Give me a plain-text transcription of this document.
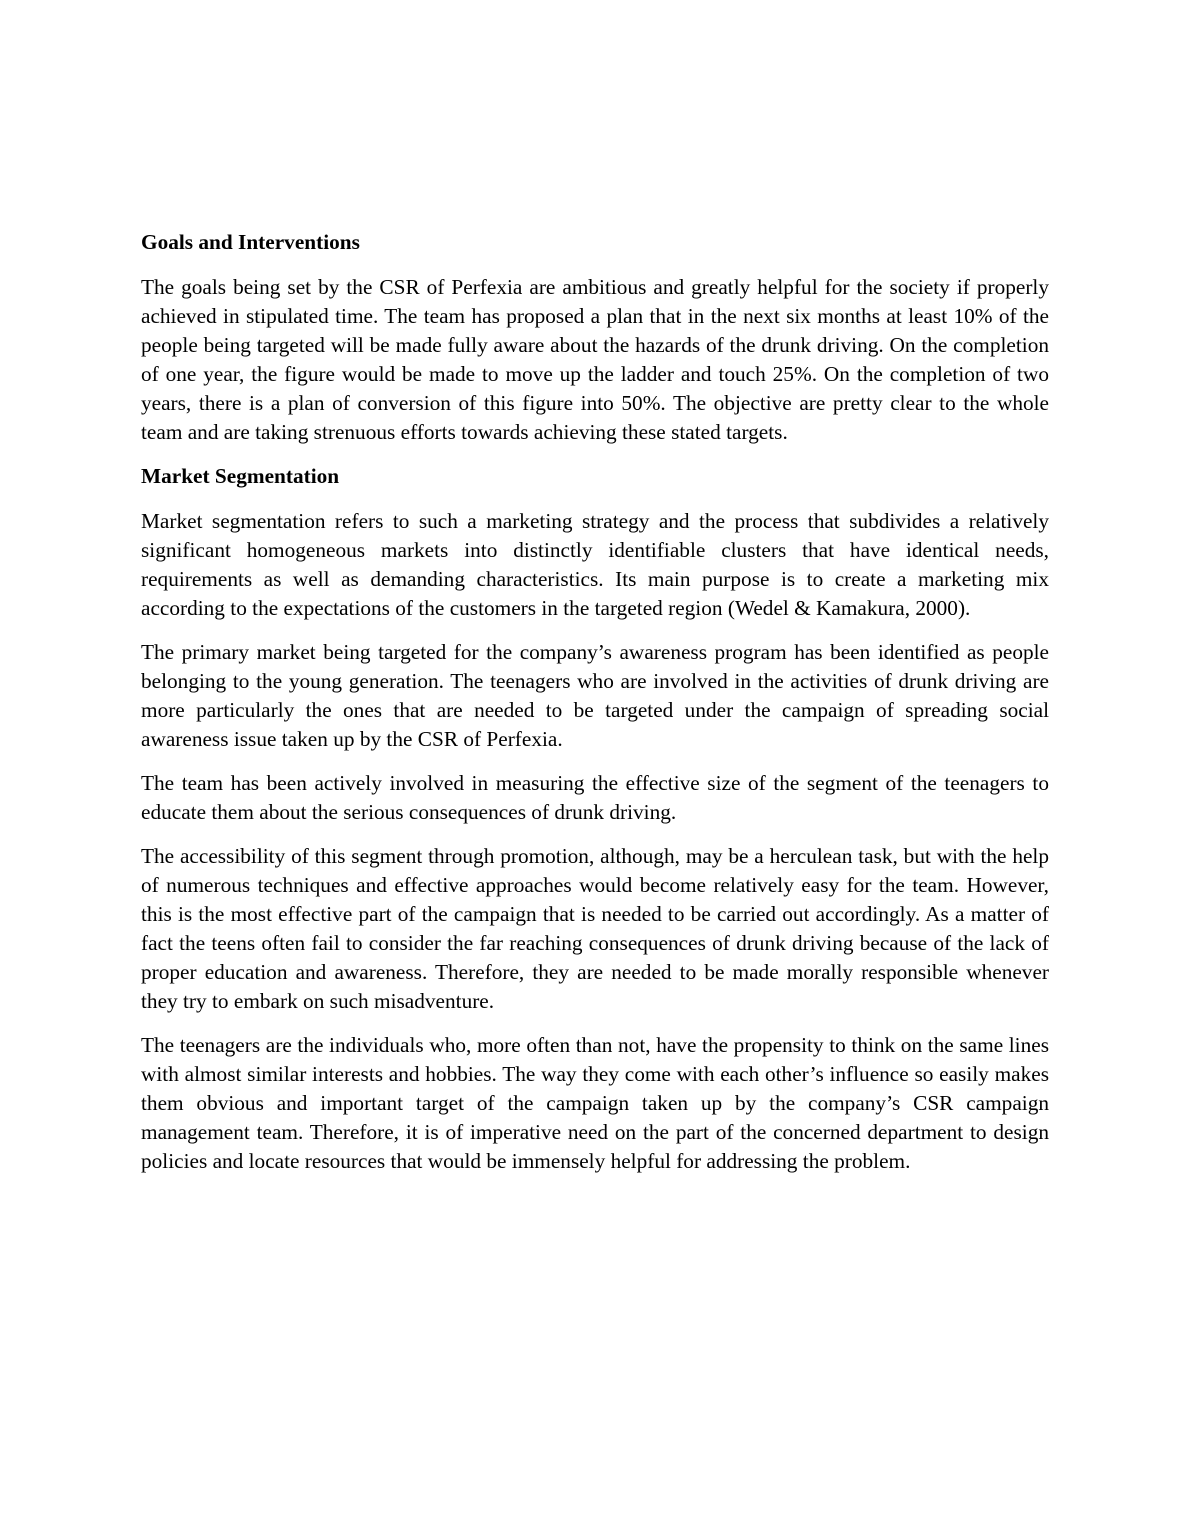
Goals and Interventions

The goals being set by the CSR of Perfexia are ambitious and greatly helpful for the society if properly achieved in stipulated time. The team has proposed a plan that in the next six months at least 10% of the people being targeted will be made fully aware about the hazards of the drunk driving. On the completion of one year, the figure would be made to move up the ladder and touch 25%. On the completion of two years, there is a plan of conversion of this figure into 50%. The objective are pretty clear to the whole team and are taking strenuous efforts towards achieving these stated targets.

Market Segmentation

Market segmentation refers to such a marketing strategy and the process that subdivides a relatively significant homogeneous markets into distinctly identifiable clusters that have identical needs, requirements as well as demanding characteristics. Its main purpose is to create a marketing mix according to the expectations of the customers in the targeted region (Wedel & Kamakura, 2000).

The primary market being targeted for the company’s awareness program has been identified as people belonging to the young generation. The teenagers who are involved in the activities of drunk driving are more particularly the ones that are needed to be targeted under the campaign of spreading social awareness issue taken up by the CSR of Perfexia.

The team has been actively involved in measuring the effective size of the segment of the teenagers to educate them about the serious consequences of drunk driving.

The accessibility of this segment through promotion, although, may be a herculean task, but with the help of numerous techniques and effective approaches would become relatively easy for the team. However, this is the most effective part of the campaign that is needed to be carried out accordingly. As a matter of fact the teens often fail to consider the far reaching consequences of drunk driving because of the lack of proper education and awareness. Therefore, they are needed to be made morally responsible whenever they try to embark on such misadventure.

The teenagers are the individuals who, more often than not, have the propensity to think on the same lines with almost similar interests and hobbies. The way they come with each other’s influence so easily makes them obvious and important target of the campaign taken up by the company’s CSR campaign management team. Therefore, it is of imperative need on the part of the concerned department to design policies and locate resources that would be immensely helpful for addressing the problem.
